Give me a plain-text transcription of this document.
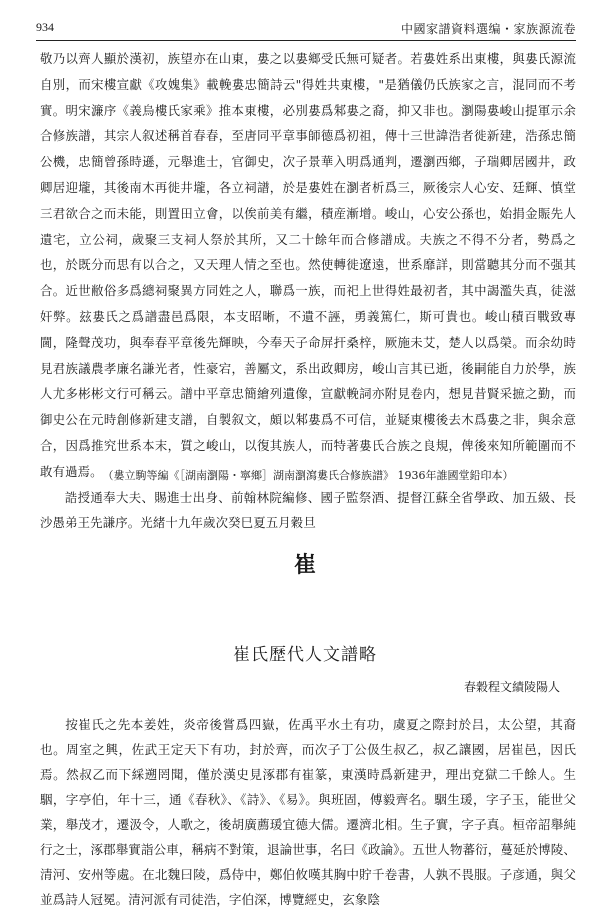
934	中國家譜資料選编・家族源流卷

敬乃以齊人顯於漢初，族望亦在山東，婁之以婁鄉受氏無可疑者。若婁姓系出東樓，與婁氏源流自別，而宋樓宣獻《攻媿集》載輓婁忠簡詩云"得姓共東樓，"是猶儀仍氏族家之言，混同而不考實。明宋濂序《義烏樓氏家乘》推本東樓，必別婁爲邾婁之裔，抑又非也。瀏陽婁峻山提軍示余合修族譜，其宗人叙述稱首春春，至唐同平章事師德爲初祖，傳十三世諱浩者徙新建，浩孫忠簡公機，忠簡曾孫時遜，元舉進士，官御史，次子景華入明爲通判，遷瀏西鄉，子瑞卿居國井，政卿居迎壠，其後南木再徙井壠，各立祠譜，於是婁姓在瀏者析爲三，厥後宗人心安、廷輝、慎堂三君欲合之而未能，則置田立會，以俟前美有繼，積産漸增。峻山，心安公孫也，始捐金賑先人遺宅，立公祠，歲聚三支祠人祭於其所，又二十餘年而合修譜成。夫族之不得不分者，勢爲之也，於既分而思有以合之，又天理人情之至也。然使轉徙遼遠，世系靡詳，則當聽其分而不强其合。近世敝俗多爲總祠聚異方同姓之人，聯爲一族，而祀上世得姓最初者，其中謁濫失真，徒滋奸弊。玆婁氏之爲譜盡邑爲限，本支昭晰，不遺不誣，勇義篤仁，斯可貴也。峻山積百戰致專閫，隆聲茂功，與奉春平章後先輝映，今奉天子命屏扞桑梓，厥施未艾，楚人以爲榮。而余幼時見君族議農孝廉名謙光者，性豪宕，善屬文，系出政卿房，峻山言其已逝，後嗣能自力於學，族人尤多彬彬文行可稱云。譜中平章忠簡繪列遺像，宣獻輓詞亦附見卷内，想見昔賢采摭之勤，而御史公在元時創修新建支譜，自製叙文，頗以邾婁爲不可信，並疑東樓後去木爲婁之非，與余意合，因爲推究世系本末，質之峻山，以復其族人，而特著婁氏合族之良規，俾後來知所範圍而不敢有過焉。

誥授通奉大夫、賜進士出身、前翰林院編修、國子監祭酒、提督江蘇全省學政、加五級、長沙愚弟王先謙序。光緒十九年歲次癸巳夏五月穀旦

（婁立駒等編《［湖南瀏陽・寧鄉］湖南瀏瀉婁氏合修族譜》 1936年誰國堂鉛印本）
崔
崔氏歷代人文譜略
春穀程文績陵陽人

按崔氏之先本姜姓，炎帝後嘗爲四嶽，佐禹平水土有功，虞夏之際封於吕，太公望，其裔也。周室之興，佐武王定天下有功，封於齊，而次子丁公伋生叔乙，叔乙讓國，居崔邑，因氏焉。然叔乙而下綵遡罔聞，僅於漢史見涿郡有崔篆，東漢時爲新建尹，理出兗獄二千餘人。生駰，字亭伯，年十三，通《春秋》、《詩》、《易》。與班固，傅毅齊名。駰生瑗，字子玉，能世父業，舉茂才，遷汲令，人歌之，後胡廣薦瑗宜德大儒。遷濟北相。生子實，字子真。桓帝詔舉純行之士，涿郡舉實詣公車，稱病不對策，退論世事，名曰《政論》。五世人物蕃衍，蔓延於博陵、清河、安州等處。在北魏曰陵，爲侍中，鄭伯攸嘆其胸中貯千卷書，人孰不畏服。子彦通，與父並爲詩人冠冕。清河派有司徒浩，字伯深，博覽經史，玄象陰
